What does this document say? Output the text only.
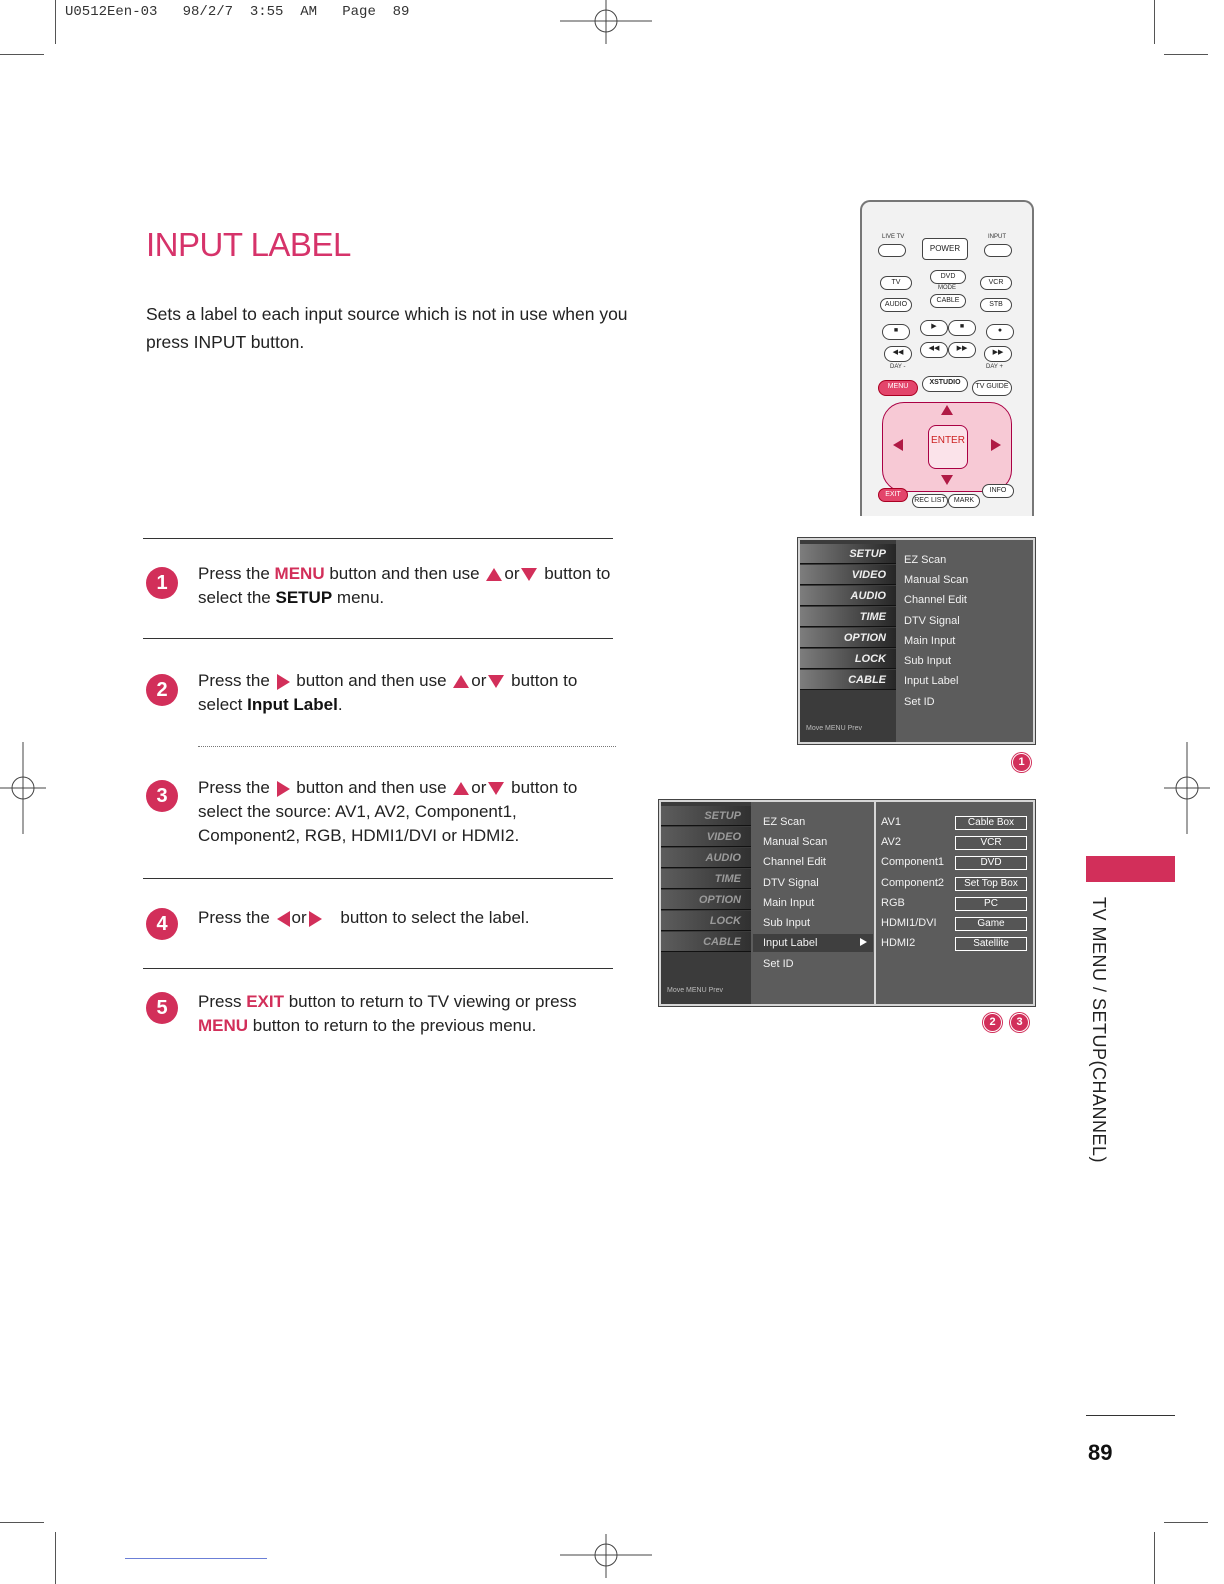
U0512Een-03   98/2/7  3:55  AM   Page  89
INPUT LABEL
Sets a label to each input source which is not in use when you press INPUT button.
1	Press the MENU button and then use or button to select the SETUP menu.
2	Press the  button and then use or button to select Input Label.
3	Press the  button and then use or button to select the source: AV1, AV2, Component1, Component2, RGB, HDMI1/DVI or HDMI2.
4	Press the or button to select the label.
5	Press EXIT button to return to TV viewing or press MENU button to return to the previous menu.
LIVE TV	INPUT
POWER
TV
DVD
MODE
VCR
AUDIO
CABLE
STB
■
▶	■
●
◀◀
◀◀	▶▶
▶▶
DAY -	DAY +
MENU
XSTUDIO
TV GUIDE
ENTER
EXIT
REC LIST	MARK
INFO
SETUP
VIDEO
AUDIO
TIME
OPTION
LOCK
CABLE
Move MENU Prev
EZ Scan
Manual Scan
Channel Edit
DTV Signal
Main Input
Sub Input
Input Label
Set ID
1
SETUP
VIDEO
AUDIO
TIME
OPTION
LOCK
CABLE
Move MENU Prev
EZ Scan
Manual Scan
Channel Edit
DTV Signal
Main Input
Sub Input
Input Label
Set ID
AV1	Cable Box
AV2	VCR
Component1	DVD
Component2	Set Top Box
RGB	PC
HDMI1/DVI	Game
HDMI2	Satellite
2	3	TV MENU / SETUP(CHANNEL)
89
